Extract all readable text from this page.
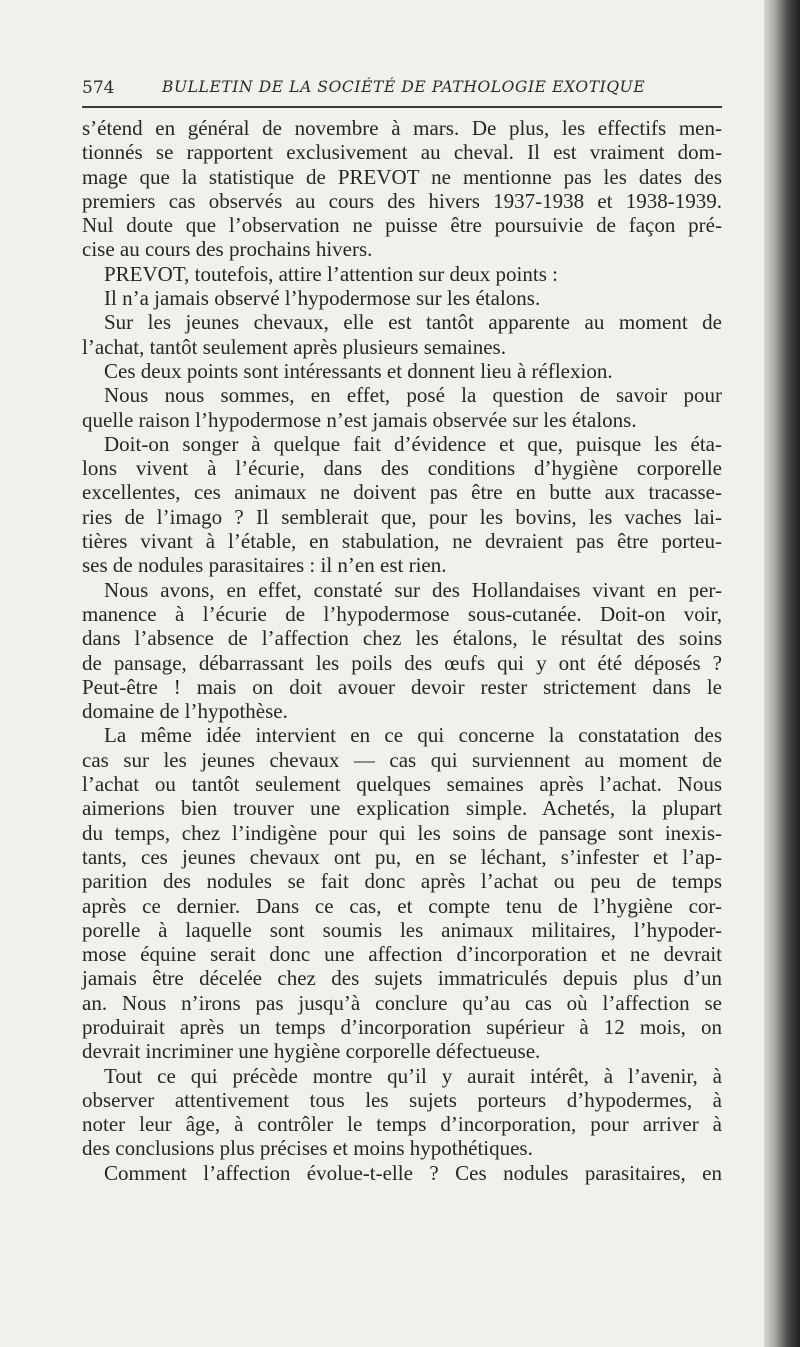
574	BULLETIN DE LA SOCIÉTÉ DE PATHOLOGIE EXOTIQUE
s’étend en général de novembre à mars. De plus, les effectifs men-
tionnés se rapportent exclusivement au cheval. Il est vraiment dom-
mage que la statistique de PREVOT ne mentionne pas les dates des
premiers cas observés au cours des hivers 1937-1938 et 1938-1939.
Nul doute que l’observation ne puisse être poursuivie de façon pré-
cise au cours des prochains hivers.
PREVOT, toutefois, attire l’attention sur deux points :
Il n’a jamais observé l’hypodermose sur les étalons.
Sur les jeunes chevaux, elle est tantôt apparente au moment de
l’achat, tantôt seulement après plusieurs semaines.
Ces deux points sont intéressants et donnent lieu à réflexion.
Nous nous sommes, en effet, posé la question de savoir pour
quelle raison l’hypodermose n’est jamais observée sur les étalons.
Doit-on songer à quelque fait d’évidence et que, puisque les éta-
lons vivent à l’écurie, dans des conditions d’hygiène corporelle
excellentes, ces animaux ne doivent pas être en butte aux tracasse-
ries de l’imago ? Il semblerait que, pour les bovins, les vaches lai-
tières vivant à l’étable, en stabulation, ne devraient pas être porteu-
ses de nodules parasitaires : il n’en est rien.
Nous avons, en effet, constaté sur des Hollandaises vivant en per-
manence à l’écurie de l’hypodermose sous-cutanée. Doit-on voir,
dans l’absence de l’affection chez les étalons, le résultat des soins
de pansage, débarrassant les poils des œufs qui y ont été déposés ?
Peut-être ! mais on doit avouer devoir rester strictement dans le
domaine de l’hypothèse.
La même idée intervient en ce qui concerne la constatation des
cas sur les jeunes chevaux — cas qui surviennent au moment de
l’achat ou tantôt seulement quelques semaines après l’achat. Nous
aimerions bien trouver une explication simple. Achetés, la plupart
du temps, chez l’indigène pour qui les soins de pansage sont inexis-
tants, ces jeunes chevaux ont pu, en se léchant, s’infester et l’ap-
parition des nodules se fait donc après l’achat ou peu de temps
après ce dernier. Dans ce cas, et compte tenu de l’hygiène cor-
porelle à laquelle sont soumis les animaux militaires, l’hypoder-
mose équine serait donc une affection d’incorporation et ne devrait
jamais être décelée chez des sujets immatriculés depuis plus d’un
an. Nous n’irons pas jusqu’à conclure qu’au cas où l’affection se
produirait après un temps d’incorporation supérieur à 12 mois, on
devrait incriminer une hygiène corporelle défectueuse.
Tout ce qui précède montre qu’il y aurait intérêt, à l’avenir, à
observer attentivement tous les sujets porteurs d’hypodermes, à
noter leur âge, à contrôler le temps d’incorporation, pour arriver à
des conclusions plus précises et moins hypothétiques.
Comment l’affection évolue-t-elle ? Ces nodules parasitaires, en
